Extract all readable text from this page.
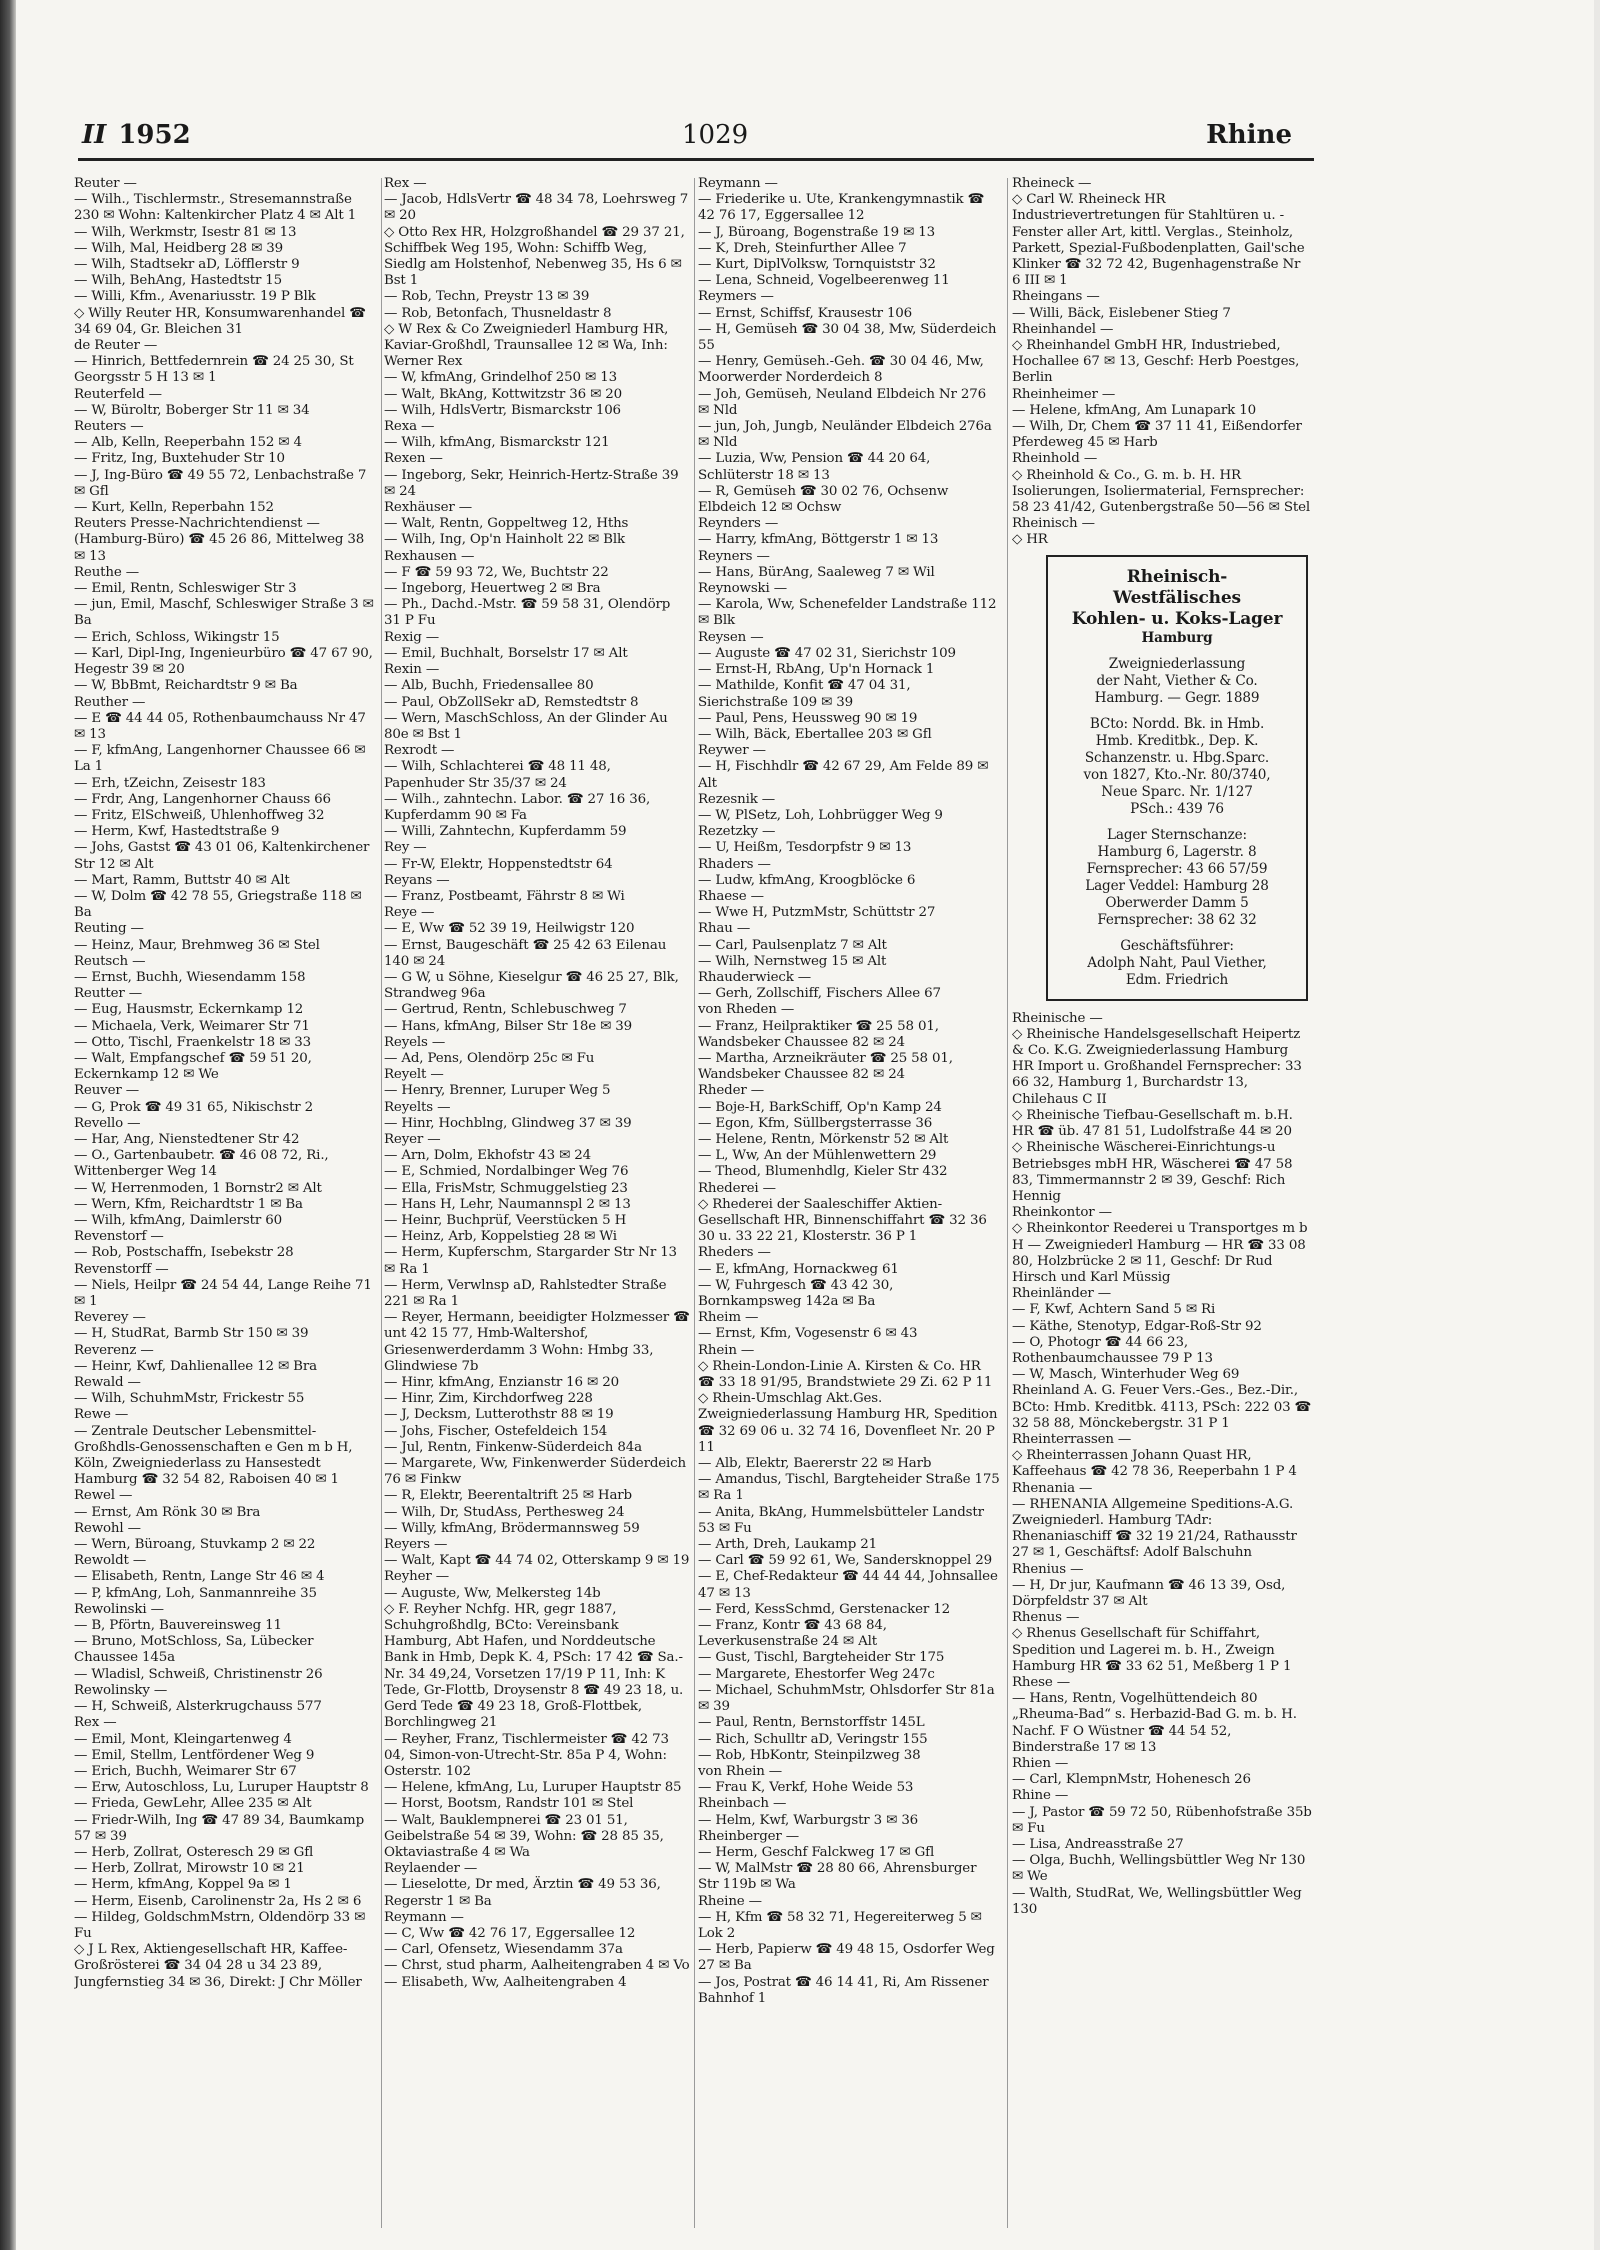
II 1952	1029	Rhine

Reuter —

— Wilh., Tischlermstr., Stresemannstraße 230 ✉ Wohn: Kaltenkircher Platz 4 ✉ Alt 1

— Wilh, Werkmstr, Isestr 81 ✉ 13

— Wilh, Mal, Heidberg 28 ✉ 39

— Wilh, Stadtsekr aD, Löfflerstr 9

— Wilh, BehAng, Hastedtstr 15

— Willi, Kfm., Avenariusstr. 19 P Blk

◇ Willy Reuter HR, Konsumwarenhandel ☎ 34 69 04, Gr. Bleichen 31

de Reuter —

— Hinrich, Bettfedernrein ☎ 24 25 30, St Georgsstr 5 H 13 ✉ 1

Reuterfeld —

— W, Büroltr, Boberger Str 11 ✉ 34

Reuters —

— Alb, Kelln, Reeperbahn 152 ✉ 4

— Fritz, Ing, Buxtehuder Str 10

— J, Ing-Büro ☎ 49 55 72, Lenbachstraße 7 ✉ Gfl

— Kurt, Kelln, Reperbahn 152

Reuters Presse-Nachrichtendienst — (Hamburg-Büro) ☎ 45 26 86, Mittelweg 38 ✉ 13

Reuthe —

— Emil, Rentn, Schleswiger Str 3

— jun, Emil, Maschf, Schleswiger Straße 3 ✉ Ba

— Erich, Schloss, Wikingstr 15

— Karl, Dipl-Ing, Ingenieurbüro ☎ 47 67 90, Hegestr 39 ✉ 20

— W, BbBmt, Reichardtstr 9 ✉ Ba

Reuther —

— E ☎ 44 44 05, Rothenbaumchauss Nr 47 ✉ 13

— F, kfmAng, Langenhorner Chaussee 66 ✉ La 1

— Erh, tZeichn, Zeisestr 183

— Frdr, Ang, Langenhorner Chauss 66

— Fritz, ElSchweiß, Uhlenhoffweg 32

— Herm, Kwf, Hastedtstraße 9

— Johs, Gastst ☎ 43 01 06, Kaltenkirchener Str 12 ✉ Alt

— Mart, Ramm, Buttstr 40 ✉ Alt

— W, Dolm ☎ 42 78 55, Griegstraße 118 ✉ Ba

Reuting —

— Heinz, Maur, Brehmweg 36 ✉ Stel

Reutsch —

— Ernst, Buchh, Wiesendamm 158

Reutter —

— Eug, Hausmstr, Eckernkamp 12

— Michaela, Verk, Weimarer Str 71

— Otto, Tischl, Fraenkelstr 18 ✉ 33

— Walt, Empfangschef ☎ 59 51 20, Eckernkamp 12 ✉ We

Reuver —

— G, Prok ☎ 49 31 65, Nikischstr 2

Revello —

— Har, Ang, Nienstedtener Str 42

— O., Gartenbaubetr. ☎ 46 08 72, Ri., Wittenberger Weg 14

— W, Herrenmoden, 1 Bornstr2 ✉ Alt

— Wern, Kfm, Reichardtstr 1 ✉ Ba

— Wilh, kfmAng, Daimlerstr 60

Revenstorf —

— Rob, Postschaffn, Isebekstr 28

Revenstorff —

— Niels, Heilpr ☎ 24 54 44, Lange Reihe 71 ✉ 1

Reverey —

— H, StudRat, Barmb Str 150 ✉ 39

Reverenz —

— Heinr, Kwf, Dahlienallee 12 ✉ Bra

Rewald —

— Wilh, SchuhmMstr, Frickestr 55

Rewe —

— Zentrale Deutscher Lebensmittel-Großhdls-Genossenschaften e Gen m b H, Köln, Zweigniederlass zu Hansestedt Hamburg ☎ 32 54 82, Raboisen 40 ✉ 1

Rewel —

— Ernst, Am Rönk 30 ✉ Bra

Rewohl —

— Wern, Büroang, Stuvkamp 2 ✉ 22

Rewoldt —

— Elisabeth, Rentn, Lange Str 46 ✉ 4

— P, kfmAng, Loh, Sanmannreihe 35

Rewolinski —

— B, Pförtn, Bauvereinsweg 11

— Bruno, MotSchloss, Sa, Lübecker Chaussee 145a

— Wladisl, Schweiß, Christinenstr 26

Rewolinsky —

— H, Schweiß, Alsterkrugchauss 577

Rex —

— Emil, Mont, Kleingartenweg 4

— Emil, Stellm, Lentfördener Weg 9

— Erich, Buchh, Weimarer Str 67

— Erw, Autoschloss, Lu, Luruper Hauptstr 8

— Frieda, GewLehr, Allee 235 ✉ Alt

— Friedr-Wilh, Ing ☎ 47 89 34, Baumkamp 57 ✉ 39

— Herb, Zollrat, Osteresch 29 ✉ Gfl

— Herb, Zollrat, Mirowstr 10 ✉ 21

— Herm, kfmAng, Koppel 9a ✉ 1

— Herm, Eisenb, Carolinenstr 2a, Hs 2 ✉ 6

— Hildeg, GoldschmMstrn, Oldendörp 33 ✉ Fu

◇ J L Rex, Aktiengesellschaft HR, Kaffee-Großrösterei ☎ 34 04 28 u 34 23 89, Jungfernstieg 34 ✉ 36, Direkt: J Chr Möller

Rex —

— Jacob, HdlsVertr ☎ 48 34 78, Loehrsweg 7 ✉ 20

◇ Otto Rex HR, Holzgroßhandel ☎ 29 37 21, Schiffbek Weg 195, Wohn: Schiffb Weg, Siedlg am Holstenhof, Nebenweg 35, Hs 6 ✉ Bst 1

— Rob, Techn, Preystr 13 ✉ 39

— Rob, Betonfach, Thusneldastr 8

◇ W Rex & Co Zweigniederl Hamburg HR, Kaviar-Großhdl, Traunsallee 12 ✉ Wa, Inh: Werner Rex

— W, kfmAng, Grindelhof 250 ✉ 13

— Walt, BkAng, Kottwitzstr 36 ✉ 20

— Wilh, HdlsVertr, Bismarckstr 106

Rexa —

— Wilh, kfmAng, Bismarckstr 121

Rexen —

— Ingeborg, Sekr, Heinrich-Hertz-Straße 39 ✉ 24

Rexhäuser —

— Walt, Rentn, Goppeltweg 12, Hths

— Wilh, Ing, Op'n Hainholt 22 ✉ Blk

Rexhausen —

— F ☎ 59 93 72, We, Buchtstr 22

— Ingeborg, Heuertweg 2 ✉ Bra

— Ph., Dachd.-Mstr. ☎ 59 58 31, Olendörp 31 P Fu

Rexig —

— Emil, Buchhalt, Borselstr 17 ✉ Alt

Rexin —

— Alb, Buchh, Friedensallee 80

— Paul, ObZollSekr aD, Remstedtstr 8

— Wern, MaschSchloss, An der Glinder Au 80e ✉ Bst 1

Rexrodt —

— Wilh, Schlachterei ☎ 48 11 48, Papenhuder Str 35/37 ✉ 24

— Wilh., zahntechn. Labor. ☎ 27 16 36, Kupferdamm 90 ✉ Fa

— Willi, Zahntechn, Kupferdamm 59

Rey —

— Fr-W, Elektr, Hoppenstedtstr 64

Reyans —

— Franz, Postbeamt, Fährstr 8 ✉ Wi

Reye —

— E, Ww ☎ 52 39 19, Heilwigstr 120

— Ernst, Baugeschäft ☎ 25 42 63 Eilenau 140 ✉ 24

— G W, u Söhne, Kieselgur ☎ 46 25 27, Blk, Strandweg 96a

— Gertrud, Rentn, Schlebuschweg 7

— Hans, kfmAng, Bilser Str 18e ✉ 39

Reyels —

— Ad, Pens, Olendörp 25c ✉ Fu

Reyelt —

— Henry, Brenner, Luruper Weg 5

Reyelts —

— Hinr, Hochblng, Glindweg 37 ✉ 39

Reyer —

— Arn, Dolm, Ekhofstr 43 ✉ 24

— E, Schmied, Nordalbinger Weg 76

— Ella, FrisMstr, Schmuggelstieg 23

— Hans H, Lehr, Naumannspl 2 ✉ 13

— Heinr, Buchprüf, Veerstücken 5 H

— Heinz, Arb, Koppelstieg 28 ✉ Wi

— Herm, Kupferschm, Stargarder Str Nr 13 ✉ Ra 1

— Herm, Verwlnsp aD, Rahlstedter Straße 221 ✉ Ra 1

— Reyer, Hermann, beeidigter Holzmesser ☎ unt 42 15 77, Hmb-Waltershof, Griesenwerderdamm 3 Wohn: Hmbg 33, Glindwiese 7b

— Hinr, kfmAng, Enzianstr 16 ✉ 20

— Hinr, Zim, Kirchdorfweg 228

— J, Decksm, Lutterothstr 88 ✉ 19

— Johs, Fischer, Ostefeldeich 154

— Jul, Rentn, Finkenw-Süderdeich 84a

— Margarete, Ww, Finkenwerder Süderdeich 76 ✉ Finkw

— R, Elektr, Beerentaltrift 25 ✉ Harb

— Wilh, Dr, StudAss, Perthesweg 24

— Willy, kfmAng, Brödermannsweg 59

Reyers —

— Walt, Kapt ☎ 44 74 02, Otterskamp 9 ✉ 19

Reyher —

— Auguste, Ww, Melkersteg 14b

◇ F. Reyher Nchfg. HR, gegr 1887, Schuhgroßhdlg, BCto: Vereinsbank Hamburg, Abt Hafen, und Norddeutsche Bank in Hmb, Depk K. 4, PSch: 17 42 ☎ Sa.-Nr. 34 49,24, Vorsetzen 17/19 P 11, Inh: K Tede, Gr-Flottb, Droysenstr 8 ☎ 49 23 18, u. Gerd Tede ☎ 49 23 18, Groß-Flottbek, Borchlingweg 21

— Reyher, Franz, Tischlermeister ☎ 42 73 04, Simon-von-Utrecht-Str. 85a P 4, Wohn: Osterstr. 102

— Helene, kfmAng, Lu, Luruper Hauptstr 85

— Horst, Bootsm, Randstr 101 ✉ Stel

— Walt, Bauklempnerei ☎ 23 01 51, Geibelstraße 54 ✉ 39, Wohn: ☎ 28 85 35, Oktaviastraße 4 ✉ Wa

Reylaender —

— Lieselotte, Dr med, Ärztin ☎ 49 53 36, Regerstr 1 ✉ Ba

Reymann —

— C, Ww ☎ 42 76 17, Eggersallee 12

— Carl, Ofensetz, Wiesendamm 37a

— Chrst, stud pharm, Aalheitengraben 4 ✉ Vo

— Elisabeth, Ww, Aalheitengraben 4

Reymann —

— Friederike u. Ute, Krankengymnastik ☎ 42 76 17, Eggersallee 12

— J, Büroang, Bogenstraße 19 ✉ 13

— K, Dreh, Steinfurther Allee 7

— Kurt, DiplVolksw, Tornquiststr 32

— Lena, Schneid, Vogelbeerenweg 11

Reymers —

— Ernst, Schiffsf, Krausestr 106

— H, Gemüseh ☎ 30 04 38, Mw, Süderdeich 55

— Henry, Gemüseh.-Geh. ☎ 30 04 46, Mw, Moorwerder Norderdeich 8

— Joh, Gemüseh, Neuland Elbdeich Nr 276 ✉ Nld

— jun, Joh, Jungb, Neuländer Elbdeich 276a ✉ Nld

— Luzia, Ww, Pension ☎ 44 20 64, Schlüterstr 18 ✉ 13

— R, Gemüseh ☎ 30 02 76, Ochsenw Elbdeich 12 ✉ Ochsw

Reynders —

— Harry, kfmAng, Böttgerstr 1 ✉ 13

Reyners —

— Hans, BürAng, Saaleweg 7 ✉ Wil

Reynowski —

— Karola, Ww, Schenefelder Landstraße 112 ✉ Blk

Reysen —

— Auguste ☎ 47 02 31, Sierichstr 109

— Ernst-H, RbAng, Up'n Hornack 1

— Mathilde, Konfit ☎ 47 04 31, Sierichstraße 109 ✉ 39

— Paul, Pens, Heussweg 90 ✉ 19

— Wilh, Bäck, Ebertallee 203 ✉ Gfl

Reywer —

— H, Fischhdlr ☎ 42 67 29, Am Felde 89 ✉ Alt

Rezesnik —

— W, PlSetz, Loh, Lohbrügger Weg 9

Rezetzky —

— U, Heißm, Tesdorpfstr 9 ✉ 13

Rhaders —

— Ludw, kfmAng, Kroogblöcke 6

Rhaese —

— Wwe H, PutzmMstr, Schüttstr 27

Rhau —

— Carl, Paulsenplatz 7 ✉ Alt

— Wilh, Nernstweg 15 ✉ Alt

Rhauderwieck —

— Gerh, Zollschiff, Fischers Allee 67

von Rheden —

— Franz, Heilpraktiker ☎ 25 58 01, Wandsbeker Chaussee 82 ✉ 24

— Martha, Arzneikräuter ☎ 25 58 01, Wandsbeker Chaussee 82 ✉ 24

Rheder —

— Boje-H, BarkSchiff, Op'n Kamp 24

— Egon, Kfm, Süllbergsterrasse 36

— Helene, Rentn, Mörkenstr 52 ✉ Alt

— L, Ww, An der Mühlenwettern 29

— Theod, Blumenhdlg, Kieler Str 432

Rhederei —

◇ Rhederei der Saaleschiffer Aktien-Gesellschaft HR, Binnenschiffahrt ☎ 32 36 30 u. 33 22 21, Klosterstr. 36 P 1

Rheders —

— E, kfmAng, Hornackweg 61

— W, Fuhrgesch ☎ 43 42 30, Bornkampsweg 142a ✉ Ba

Rheim —

— Ernst, Kfm, Vogesenstr 6 ✉ 43

Rhein —

◇ Rhein-London-Linie A. Kirsten & Co. HR ☎ 33 18 91/95, Brandstwiete 29 Zi. 62 P 11

◇ Rhein-Umschlag Akt.Ges. Zweigniederlassung Hamburg HR, Spedition ☎ 32 69 06 u. 32 74 16, Dovenfleet Nr. 20 P 11

— Alb, Elektr, Baererstr 22 ✉ Harb

— Amandus, Tischl, Bargteheider Straße 175 ✉ Ra 1

— Anita, BkAng, Hummelsbütteler Landstr 53 ✉ Fu

— Arth, Dreh, Laukamp 21

— Carl ☎ 59 92 61, We, Sandersknoppel 29

— E, Chef-Redakteur ☎ 44 44 44, Johnsallee 47 ✉ 13

— Ferd, KessSchmd, Gerstenacker 12

— Franz, Kontr ☎ 43 68 84, Leverkusenstraße 24 ✉ Alt

— Gust, Tischl, Bargteheider Str 175

— Margarete, Ehestorfer Weg 247c

— Michael, SchuhmMstr, Ohlsdorfer Str 81a ✉ 39

— Paul, Rentn, Bernstorffstr 145L

— Rich, Schulltr aD, Veringstr 155

— Rob, HbKontr, Steinpilzweg 38

von Rhein —

— Frau K, Verkf, Hohe Weide 53

Rheinbach —

— Helm, Kwf, Warburgstr 3 ✉ 36

Rheinberger —

— Herm, Geschf Falckweg 17 ✉ Gfl

— W, MalMstr ☎ 28 80 66, Ahrensburger Str 119b ✉ Wa

Rheine —

— H, Kfm ☎ 58 32 71, Hegereiterweg 5 ✉ Lok 2

— Herb, Papierw ☎ 49 48 15, Osdorfer Weg 27 ✉ Ba

— Jos, Postrat ☎ 46 14 41, Ri, Am Rissener Bahnhof 1

Rheineck —

◇ Carl W. Rheineck HR Industrievertretungen für Stahltüren u. -Fenster aller Art, kittl. Verglas., Steinholz, Parkett, Spezial-Fußbodenplatten, Gail'sche Klinker ☎ 32 72 42, Bugenhagenstraße Nr 6 III ✉ 1

Rheingans —

— Willi, Bäck, Eislebener Stieg 7

Rheinhandel —

◇ Rheinhandel GmbH HR, Industriebed, Hochallee 67 ✉ 13, Geschf: Herb Poestges, Berlin

Rheinheimer —

— Helene, kfmAng, Am Lunapark 10

— Wilh, Dr, Chem ☎ 37 11 41, Eißendorfer Pferdeweg 45 ✉ Harb

Rheinhold —

◇ Rheinhold & Co., G. m. b. H. HR Isolierungen, Isoliermaterial, Fernsprecher: 58 23 41/42, Gutenbergstraße 50—56 ✉ Stel

Rheinisch —

◇ HR

Rheinisch-
Westfälisches
Kohlen- u. Koks-Lager
Hamburg
Zweigniederlassung
der Naht, Viether & Co.
Hamburg. — Gegr. 1889
BCto: Nordd. Bk. in Hmb.
Hmb. Kreditbk., Dep. K.
Schanzenstr. u. Hbg.Sparc.
von 1827, Kto.-Nr. 80/3740,
Neue Sparc. Nr. 1/127
PSch.: 439 76
Lager Sternschanze:
Hamburg 6, Lagerstr. 8
Fernsprecher: 43 66 57/59
Lager Veddel: Hamburg 28
Oberwerder Damm 5
Fernsprecher: 38 62 32
Geschäftsführer:
Adolph Naht, Paul Viether,
Edm. Friedrich

Rheinische —

◇ Rheinische Handelsgesellschaft Heipertz & Co. K.G. Zweigniederlassung Hamburg HR Import u. Großhandel Fernsprecher: 33 66 32, Hamburg 1, Burchardstr 13, Chilehaus C II

◇ Rheinische Tiefbau-Gesellschaft m. b.H. HR ☎ üb. 47 81 51, Ludolfstraße 44 ✉ 20

◇ Rheinische Wäscherei-Einrichtungs-u Betriebsges mbH HR, Wäscherei ☎ 47 58 83, Timmermannstr 2 ✉ 39, Geschf: Rich Hennig

Rheinkontor —

◇ Rheinkontor Reederei u Transportges m b H — Zweigniederl Hamburg — HR ☎ 33 08 80, Holzbrücke 2 ✉ 11, Geschf: Dr Rud Hirsch und Karl Müssig

Rheinländer —

— F, Kwf, Achtern Sand 5 ✉ Ri

— Käthe, Stenotyp, Edgar-Roß-Str 92

— O, Photogr ☎ 44 66 23, Rothenbaumchaussee 79 P 13

— W, Masch, Winterhuder Weg 69

Rheinland A. G. Feuer Vers.-Ges., Bez.-Dir., BCto: Hmb. Kreditbk. 4113, PSch: 222 03 ☎ 32 58 88, Mönckebergstr. 31 P 1

Rheinterrassen —

◇ Rheinterrassen Johann Quast HR, Kaffeehaus ☎ 42 78 36, Reeperbahn 1 P 4

Rhenania —

— RHENANIA Allgemeine Speditions-A.G. Zweigniederl. Hamburg TAdr: Rhenaniaschiff ☎ 32 19 21/24, Rathausstr 27 ✉ 1, Geschäftsf: Adolf Balschuhn

Rhenius —

— H, Dr jur, Kaufmann ☎ 46 13 39, Osd, Dörpfeldstr 37 ✉ Alt

Rhenus —

◇ Rhenus Gesellschaft für Schiffahrt, Spedition und Lagerei m. b. H., Zweign Hamburg HR ☎ 33 62 51, Meßberg 1 P 1

Rhese —

— Hans, Rentn, Vogelhüttendeich 80

„Rheuma-Bad“ s. Herbazid-Bad G. m. b. H. Nachf. F O Wüstner ☎ 44 54 52, Binderstraße 17 ✉ 13

Rhien —

— Carl, KlempnMstr, Hohenesch 26

Rhine —

— J, Pastor ☎ 59 72 50, Rübenhofstraße 35b ✉ Fu

— Lisa, Andreasstraße 27

— Olga, Buchh, Wellingsbüttler Weg Nr 130 ✉ We

— Walth, StudRat, We, Wellingsbüttler Weg 130
